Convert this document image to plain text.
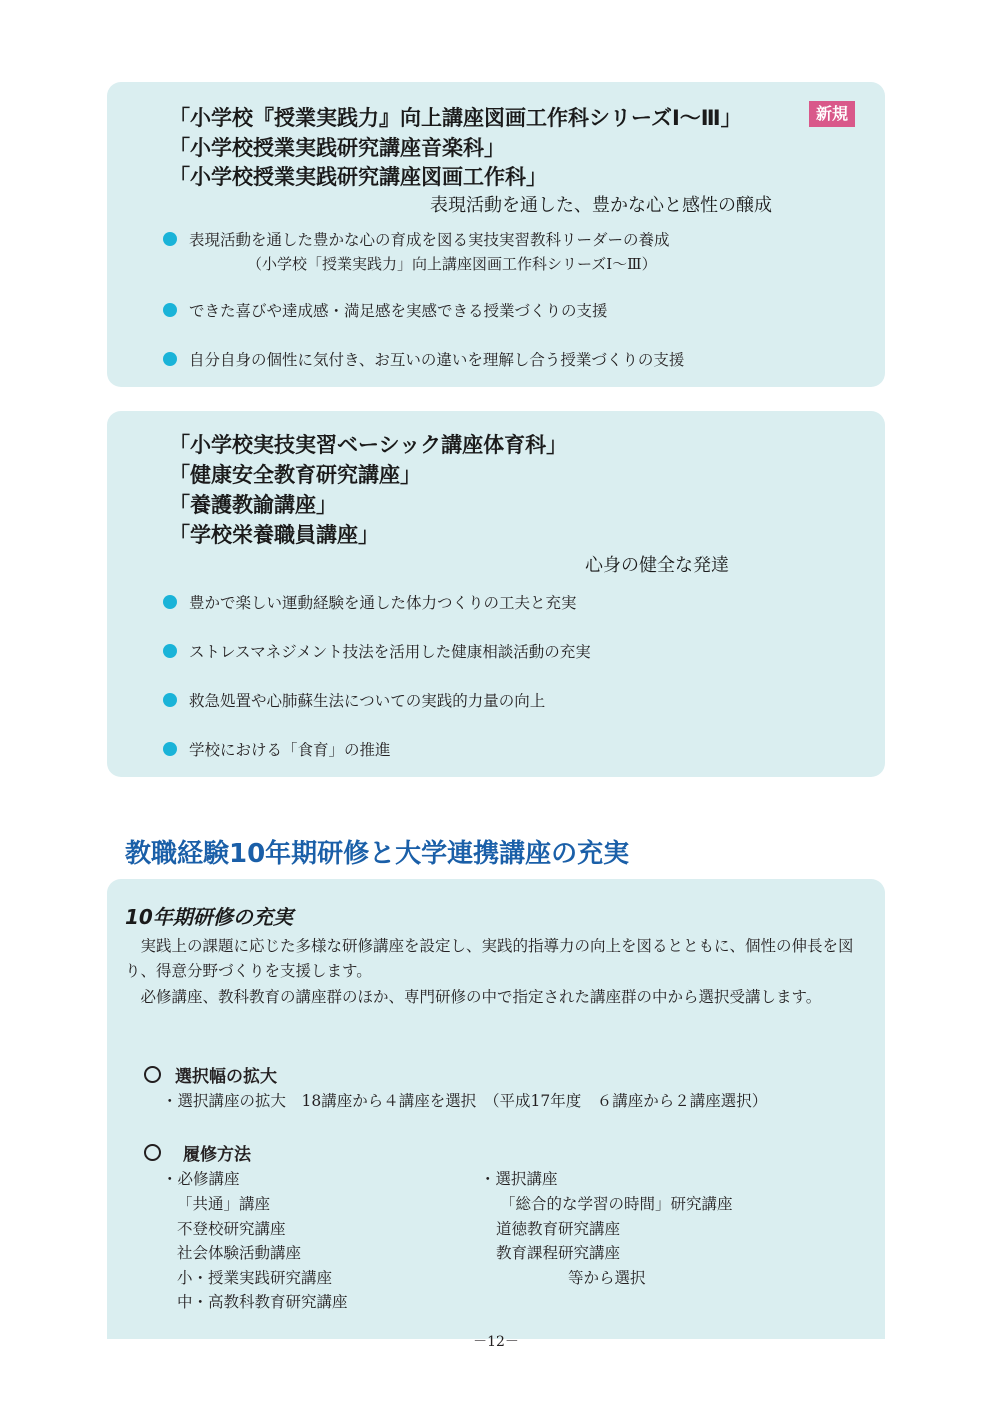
「小学校『授業実践力』向上講座図画工作科シリーズⅠ～Ⅲ」	新規
「小学校授業実践研究講座音楽科」
「小学校授業実践研究講座図画工作科」
表現活動を通した、豊かな心と感性の醸成
表現活動を通した豊かな心の育成を図る実技実習教科リーダーの養成
（小学校「授業実践力」向上講座図画工作科シリーズⅠ～Ⅲ）
できた喜びや達成感・満足感を実感できる授業づくりの支援
自分自身の個性に気付き、お互いの違いを理解し合う授業づくりの支援
「小学校実技実習ベーシック講座体育科」
「健康安全教育研究講座」
「養護教諭講座」
「学校栄養職員講座」
心身の健全な発達
豊かで楽しい運動経験を通した体力つくりの工夫と充実
ストレスマネジメント技法を活用した健康相談活動の充実
救急処置や心肺蘇生法についての実践的力量の向上
学校における「食育」の推進
教職経験10年期研修と大学連携講座の充実
10年期研修の充実

　実践上の課題に応じた多様な研修講座を設定し、実践的指導力の向上を図るとともに、個性の伸長を図り、得意分野づくりを支援します。

　必修講座、教科教育の講座群のほか、専門研修の中で指定された講座群の中から選択受講します。

選択幅の拡大
・選択講座の拡大　18講座から４講座を選択　（平成17年度　６講座から２講座選択）
履修方法
・必修講座
「共通」講座
不登校研究講座
社会体験活動講座
小・授業実践研究講座
中・高教科教育研究講座
・選択講座
「総合的な学習の時間」研究講座
道徳教育研究講座
教育課程研究講座
等から選択
－12－
